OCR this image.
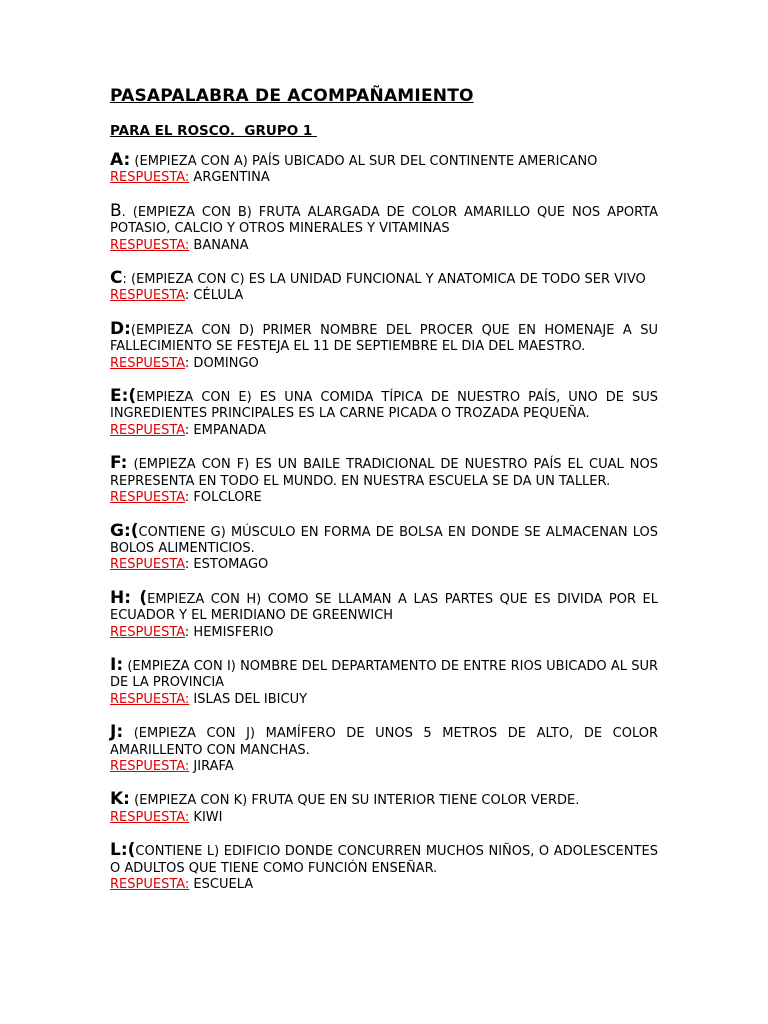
PASAPALABRA DE ACOMPAÑAMIENTO
PARA EL ROSCO.  GRUPO 1
A: (EMPIEZA CON A) PAÍS UBICADO AL SUR DEL CONTINENTE AMERICANO
RESPUESTA: ARGENTINA
B. (EMPIEZA CON B) FRUTA ALARGADA DE COLOR AMARILLO QUE NOS APORTA POTASIO, CALCIO Y OTROS MINERALES Y VITAMINAS
RESPUESTA: BANANA
C: (EMPIEZA CON C) ES LA UNIDAD FUNCIONAL Y ANATOMICA DE TODO SER VIVO
RESPUESTA: CÉLULA
D:(EMPIEZA CON D) PRIMER NOMBRE DEL PROCER QUE EN HOMENAJE A SU FALLECIMIENTO SE FESTEJA EL 11 DE SEPTIEMBRE EL DIA DEL MAESTRO.
RESPUESTA: DOMINGO
E:(EMPIEZA CON E) ES UNA COMIDA TÍPICA DE NUESTRO PAÍS, UNO DE SUS INGREDIENTES PRINCIPALES ES LA CARNE PICADA O TROZADA PEQUEÑA.
RESPUESTA: EMPANADA
F: (EMPIEZA CON F) ES UN BAILE TRADICIONAL DE NUESTRO PAÍS EL CUAL NOS REPRESENTA EN TODO EL MUNDO. EN NUESTRA ESCUELA SE DA UN TALLER.
RESPUESTA: FOLCLORE
G:(CONTIENE G) MÚSCULO EN FORMA DE BOLSA EN DONDE SE ALMACENAN LOS BOLOS ALIMENTICIOS.
RESPUESTA: ESTOMAGO
H: (EMPIEZA CON H) COMO SE LLAMAN A LAS PARTES QUE ES DIVIDA POR EL ECUADOR Y EL MERIDIANO DE GREENWICH
RESPUESTA: HEMISFERIO
I: (EMPIEZA CON I) NOMBRE DEL DEPARTAMENTO DE ENTRE RIOS UBICADO AL SUR DE LA PROVINCIA
RESPUESTA: ISLAS DEL IBICUY
J: (EMPIEZA CON J) MAMÍFERO DE UNOS 5 METROS DE ALTO, DE COLOR AMARILLENTO CON MANCHAS.
RESPUESTA: JIRAFA
K: (EMPIEZA CON K) FRUTA QUE EN SU INTERIOR TIENE COLOR VERDE.
RESPUESTA: KIWI
L:(CONTIENE L) EDIFICIO DONDE CONCURREN MUCHOS NIÑOS, O ADOLESCENTES O ADULTOS QUE TIENE COMO FUNCIÓN ENSEÑAR.
RESPUESTA: ESCUELA
